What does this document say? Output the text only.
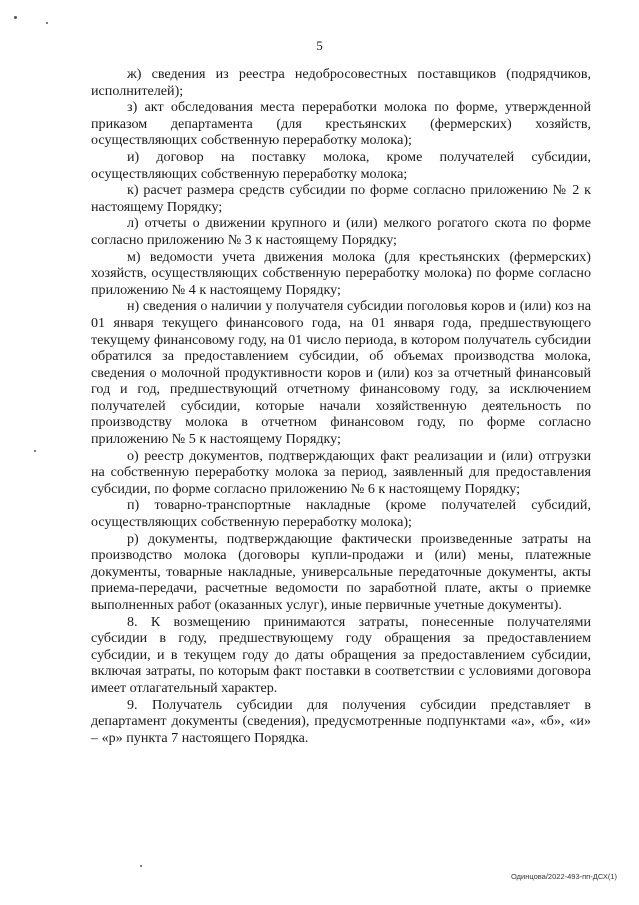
5

ж) сведения из реестра недобросовестных поставщиков (подрядчиков, исполнителей);

з) акт обследования места переработки молока по форме, утвержденной приказом департамента (для крестьянских (фермерских) хозяйств, осуществляющих собственную переработку молока);

и) договор на поставку молока, кроме получателей субсидии, осуществляющих собственную переработку молока;

к) расчет размера средств субсидии по форме согласно приложению № 2 к настоящему Порядку;

л) отчеты о движении крупного и (или) мелкого рогатого скота по форме согласно приложению № 3 к настоящему Порядку;

м) ведомости учета движения молока (для крестьянских (фермерских) хозяйств, осуществляющих собственную переработку молока) по форме согласно приложению № 4 к настоящему Порядку;

н) сведения о наличии у получателя субсидии поголовья коров и (или) коз на 01 января текущего финансового года, на 01 января года, предшествующего текущему финансовому году, на 01 число периода, в котором получатель субсидии обратился за предоставлением субсидии, об объемах производства молока, сведения о молочной продуктивности коров и (или) коз за отчетный финансовый год и год, предшествующий отчетному финансовому году, за исключением получателей субсидии, которые начали хозяйственную деятельность по производству молока в отчетном финансовом году, по форме согласно приложению № 5 к настоящему Порядку;

о) реестр документов, подтверждающих факт реализации и (или) отгрузки на собственную переработку молока за период, заявленный для предоставления субсидии, по форме согласно приложению № 6 к настоящему Порядку;

п) товарно-транспортные накладные (кроме получателей субсидий, осуществляющих собственную переработку молока);

р) документы, подтверждающие фактически произведенные затраты на производство молока (договоры купли-продажи и (или) мены, платежные документы, товарные накладные, универсальные передаточные документы, акты приема-передачи, расчетные ведомости по заработной плате, акты о приемке выполненных работ (оказанных услуг), иные первичные учетные документы).

8. К возмещению принимаются затраты, понесенные получателями субсидии в году, предшествующему году обращения за предоставлением субсидии, и в текущем году до даты обращения за предоставлением субсидии, включая затраты, по которым факт поставки в соответствии с условиями договора имеет отлагательный характер.

9. Получатель субсидии для получения субсидии представляет в департамент документы (сведения), предусмотренные подпунктами «а», «б», «и» – «р» пункта 7 настоящего Порядка.

Одинцова/2022-493-пп-ДСХ(1)
